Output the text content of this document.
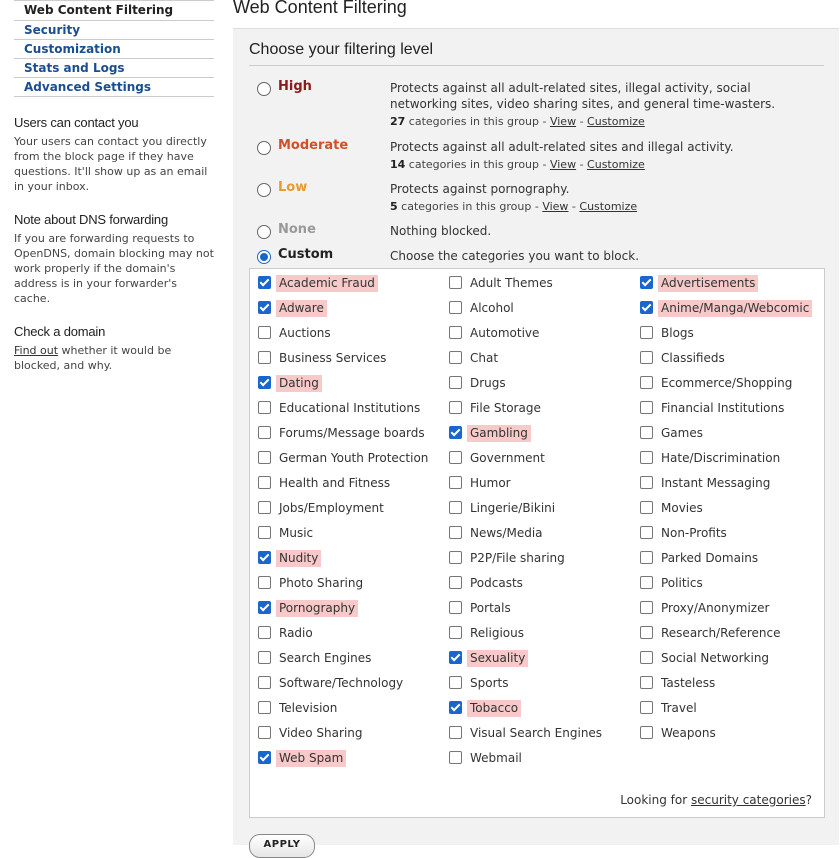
Web Content Filtering
Security
Customization
Stats and Logs
Advanced Settings
Users can contact you

Your users can contact you directly from the block page if they have questions. It'll show up as an email in your inbox.

Note about DNS forwarding

If you are forwarding requests to OpenDNS, domain blocking may not work properly if the domain's address is in your forwarder's cache.

Check a domain

Find out whether it would be blocked, and why.

Web Content Filtering
Choose your filtering level
High	Protects against all adult-related sites, illegal activity, social networking sites, video sharing sites, and general time-wasters.
27 categories in this group - View - Customize
Moderate	Protects against all adult-related sites and illegal activity.
14 categories in this group - View - Customize
Low	Protects against pornography.
5 categories in this group - View - Customize
None	Nothing blocked.
Custom	Choose the categories you want to block.
Looking for security categories?
Academic Fraud	Adult Themes	Advertisements
Adware	Alcohol	Anime/Manga/Webcomic
Auctions	Automotive	Blogs
Business Services	Chat	Classifieds
Dating	Drugs	Ecommerce/Shopping
Educational Institutions	File Storage	Financial Institutions
Forums/Message boards	Gambling	Games
German Youth Protection	Government	Hate/Discrimination
Health and Fitness	Humor	Instant Messaging
Jobs/Employment	Lingerie/Bikini	Movies
Music	News/Media	Non-Profits
Nudity	P2P/File sharing	Parked Domains
Photo Sharing	Podcasts	Politics
Pornography	Portals	Proxy/Anonymizer
Radio	Religious	Research/Reference
Search Engines	Sexuality	Social Networking
Software/Technology	Sports	Tasteless
Television	Tobacco	Travel
Video Sharing	Visual Search Engines	Weapons
Web Spam	Webmail
APPLY
